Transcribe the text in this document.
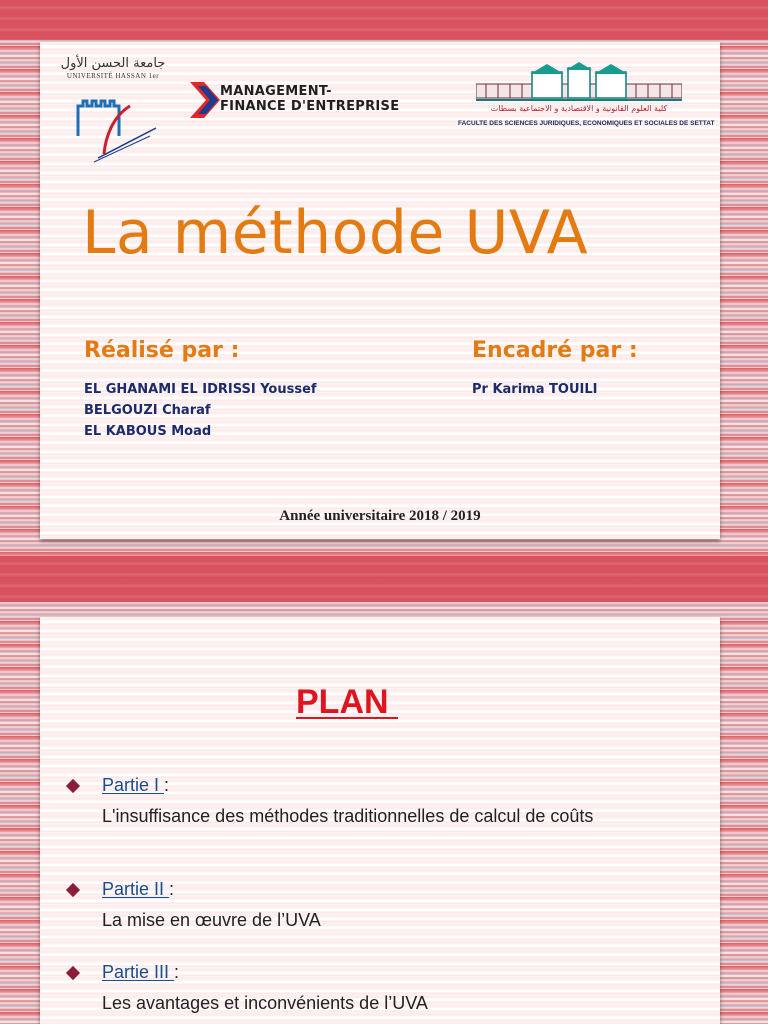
جامعة الحسن الأول
UNIVERSITÉ HASSAN 1er
MANAGEMENT-
FINANCE D'ENTREPRISE	كلية العلوم القانونية و الاقتصادية و الاجتماعية بسطات
FACULTE DES SCIENCES JURIDIQUES, ECONOMIQUES ET SOCIALES DE SETTAT
La méthode UVA
Réalisé par :
EL GHANAMI EL IDRISSI Youssef
BELGOUZI Charaf
EL KABOUS Moad
Encadré par :
Pr Karima TOUILI
Année universitaire 2018 / 2019
PLAN
Partie I :
L'insuffisance des méthodes traditionnelles de calcul de coûts
Partie II :
La mise en œuvre de l’UVA
Partie III :
Les avantages et inconvénients de l’UVA
